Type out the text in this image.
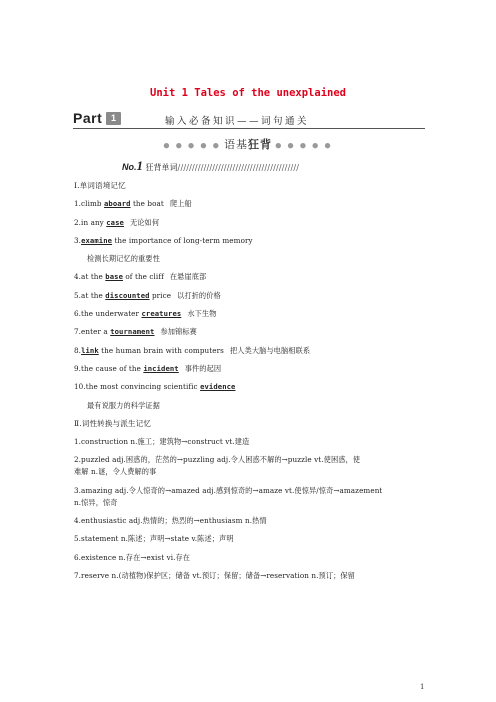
Unit 1 Tales of the unexplained
Part 1	输入必备知识——词句通关
● ● ● ● ● 语基狂背 ● ● ● ● ●
No.1 狂背单词//////////////////////////////////////////
Ⅰ.单词语境记忆
1.climb aboard the boat 爬上船
2.in any case 无论如何
3.examine the importance of long-term memory
检测长期记忆的重要性
4.at the base of the cliff 在悬崖底部
5.at the discounted price 以打折的价格
6.the underwater creatures 水下生物
7.enter a tournament 参加锦标赛
8.link the human brain with computers 把人类大脑与电脑相联系
9.the cause of the incident 事件的起因
10.the most convincing scientific evidence
最有说服力的科学证据
Ⅱ.词性转换与派生记忆
1.construction n.施工；建筑物→construct vt.建造
2.puzzled adj.困惑的，茫然的→puzzling adj.令人困惑不解的→puzzle vt.使困惑，使
难解 n.谜，令人费解的事
3.amazing adj.令人惊奇的→amazed adj.感到惊奇的→amaze vt.使惊异/惊奇→amazement
n.惊异，惊奇
4.enthusiastic adj.热情的；热烈的→enthusiasm n.热情
5.statement n.陈述；声明→state v.陈述；声明
6.existence n.存在→exist vi.存在
7.reserve n.(动植物)保护区；储备 vt.预订；保留；储备→reservation n.预订；保留
1
